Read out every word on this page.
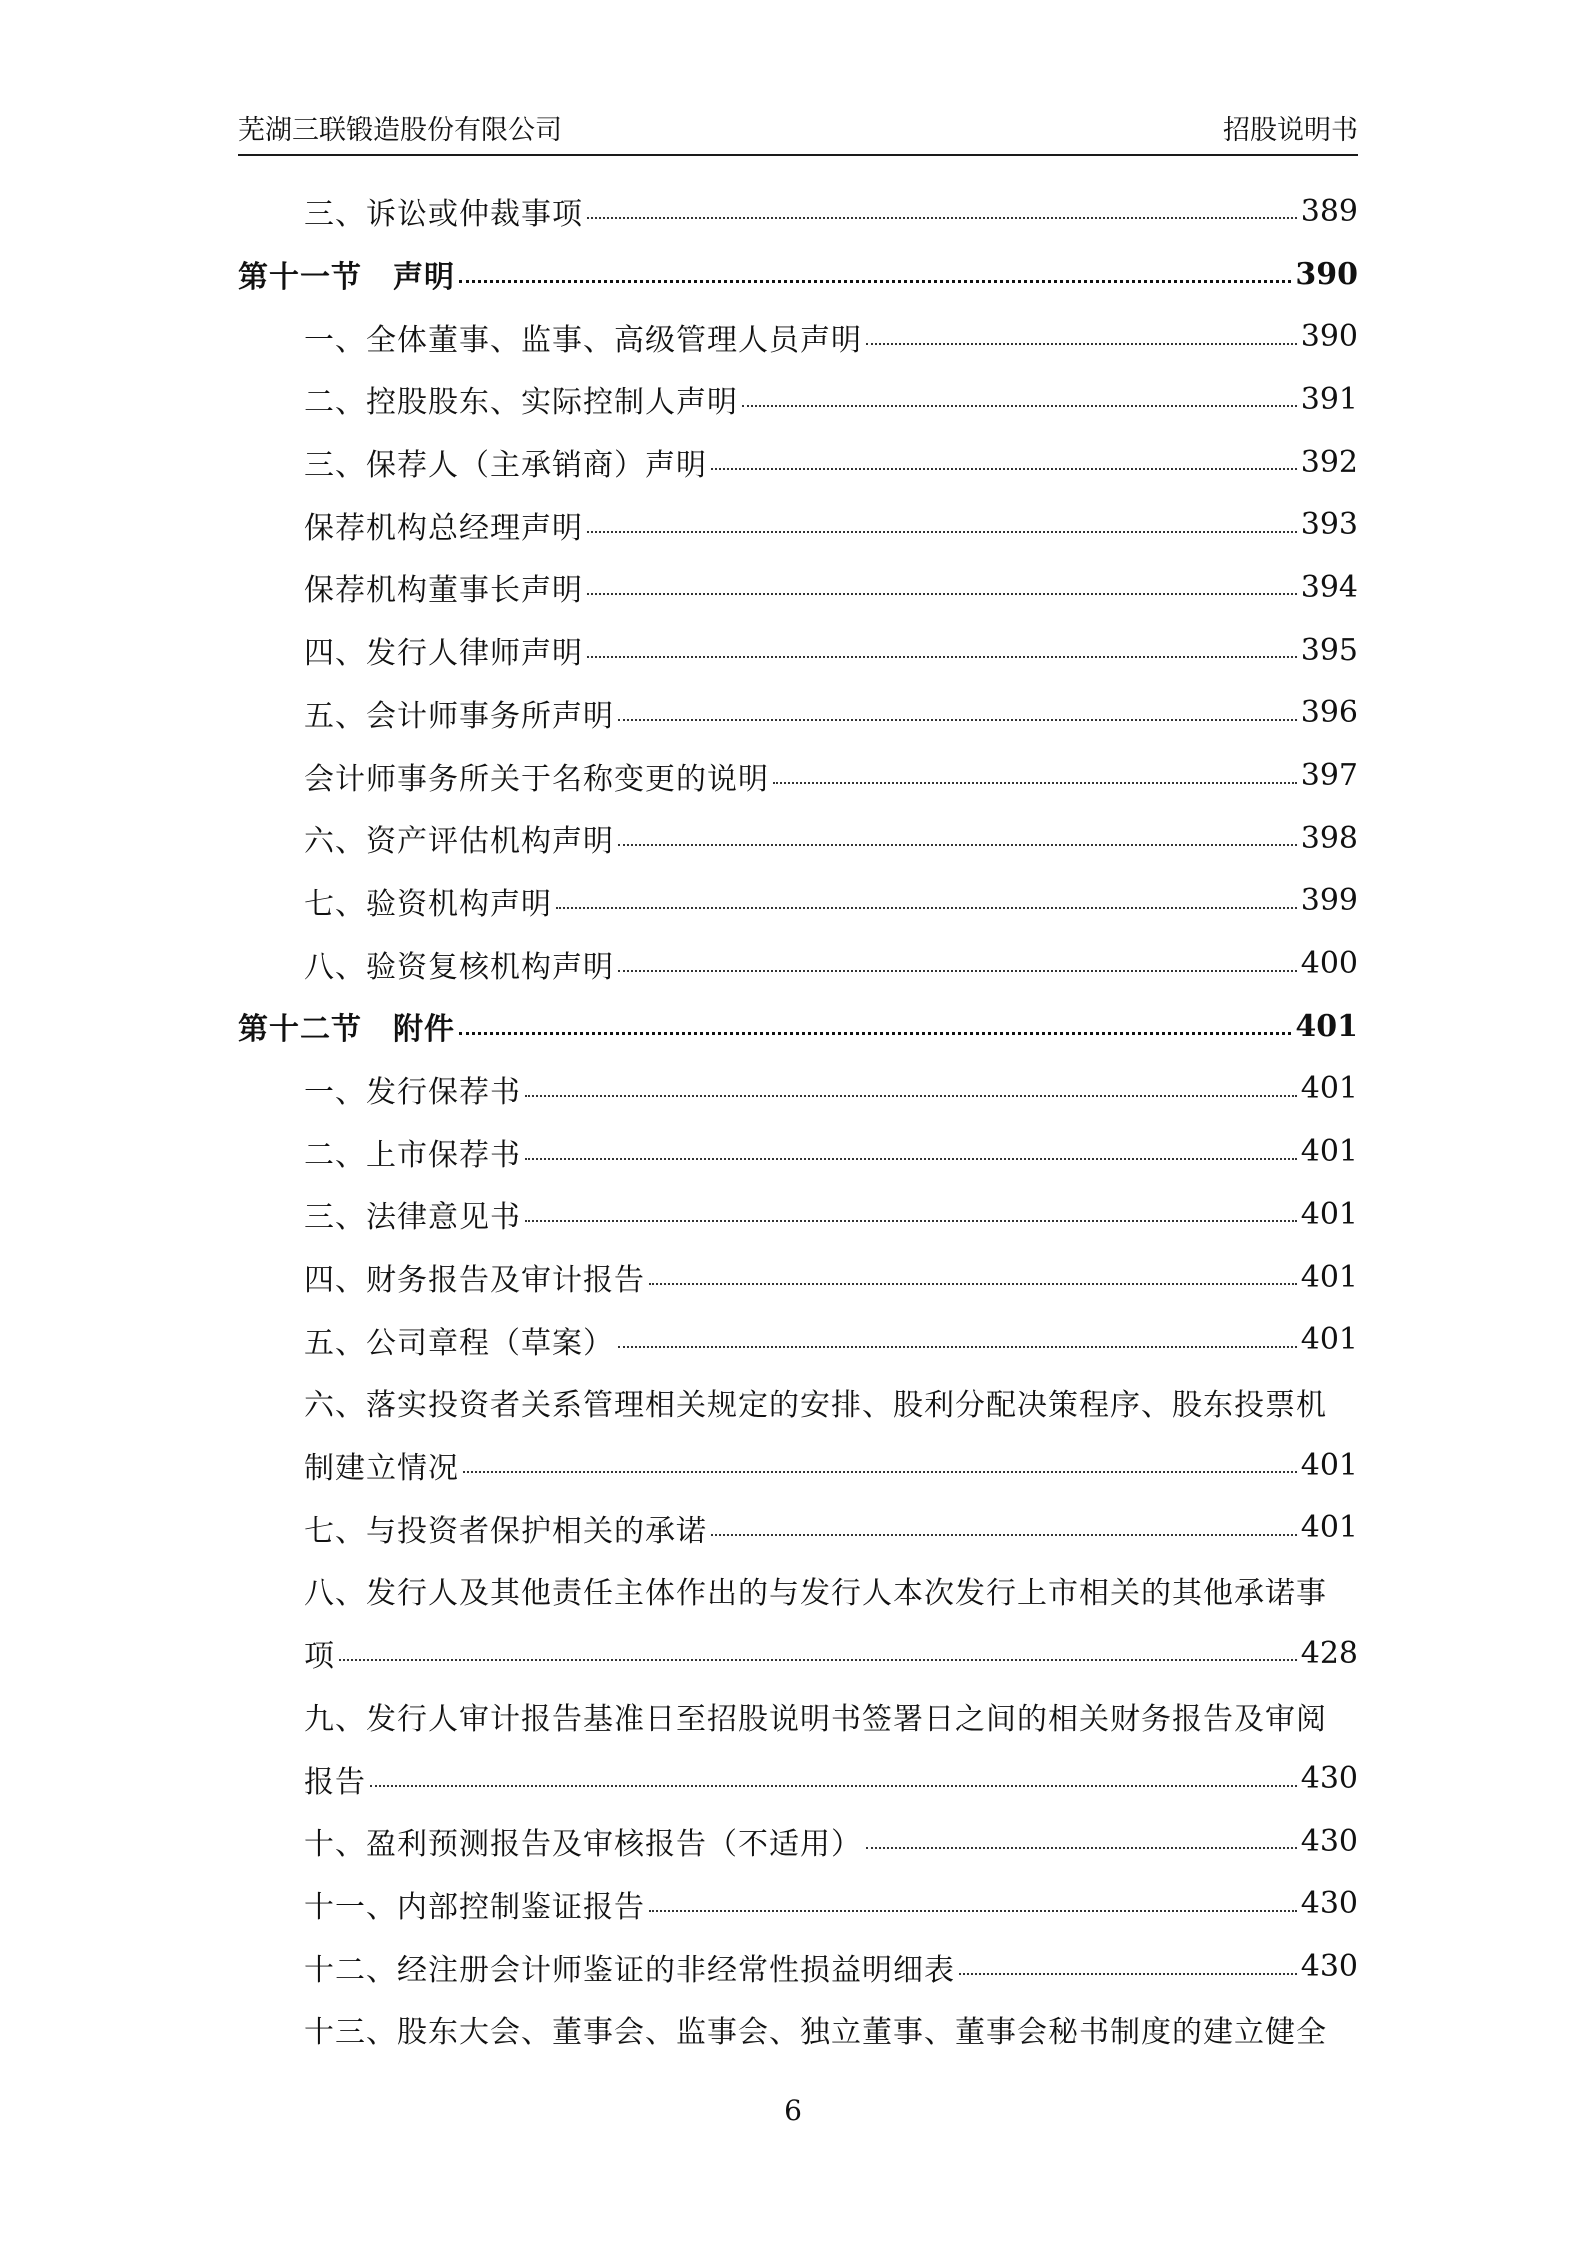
芜湖三联锻造股份有限公司	招股说明书
三、诉讼或仲裁事项	389
第十一节　声明	390
一、全体董事、监事、高级管理人员声明	390
二、控股股东、实际控制人声明	391
三、保荐人（主承销商）声明	392
保荐机构总经理声明	393
保荐机构董事长声明	394
四、发行人律师声明	395
五、会计师事务所声明	396
会计师事务所关于名称变更的说明	397
六、资产评估机构声明	398
七、验资机构声明	399
八、验资复核机构声明	400
第十二节　附件	401
一、发行保荐书	401
二、上市保荐书	401
三、法律意见书	401
四、财务报告及审计报告	401
五、公司章程（草案）	401
六、落实投资者关系管理相关规定的安排、股利分配决策程序、股东投票机
制建立情况	401
七、与投资者保护相关的承诺	401
八、发行人及其他责任主体作出的与发行人本次发行上市相关的其他承诺事
项	428
九、发行人审计报告基准日至招股说明书签署日之间的相关财务报告及审阅
报告	430
十、盈利预测报告及审核报告（不适用）	430
十一、内部控制鉴证报告	430
十二、经注册会计师鉴证的非经常性损益明细表	430
十三、股东大会、董事会、监事会、独立董事、董事会秘书制度的建立健全
6
